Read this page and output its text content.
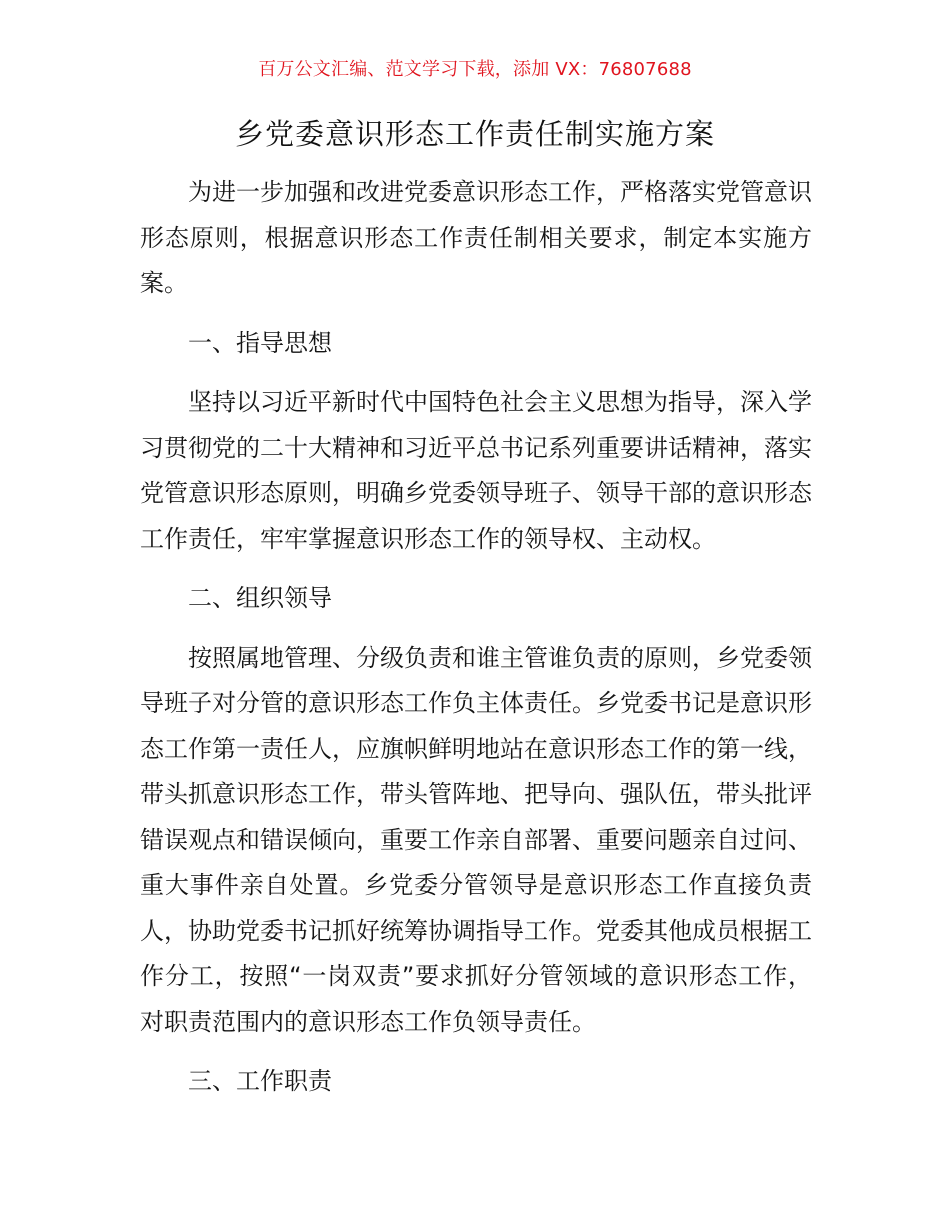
百万公文汇编、范文学习下载，添加 VX：76807688
乡党委意识形态工作责任制实施方案

为进一步加强和改进党委意识形态工作，严格落实党管意识形态原则，根据意识形态工作责任制相关要求，制定本实施方案。

一、指导思想

坚持以习近平新时代中国特色社会主义思想为指导，深入学习贯彻党的二十大精神和习近平总书记系列重要讲话精神，落实党管意识形态原则，明确乡党委领导班子、领导干部的意识形态工作责任，牢牢掌握意识形态工作的领导权、主动权。

二、组织领导

按照属地管理、分级负责和谁主管谁负责的原则，乡党委领导班子对分管的意识形态工作负主体责任。乡党委书记是意识形态工作第一责任人，应旗帜鲜明地站在意识形态工作的第一线，带头抓意识形态工作，带头管阵地、把导向、强队伍，带头批评错误观点和错误倾向，重要工作亲自部署、重要问题亲自过问、重大事件亲自处置。乡党委分管领导是意识形态工作直接负责人，协助党委书记抓好统筹协调指导工作。党委其他成员根据工作分工，按照“一岗双责”要求抓好分管领域的意识形态工作，对职责范围内的意识形态工作负领导责任。

三、工作职责
